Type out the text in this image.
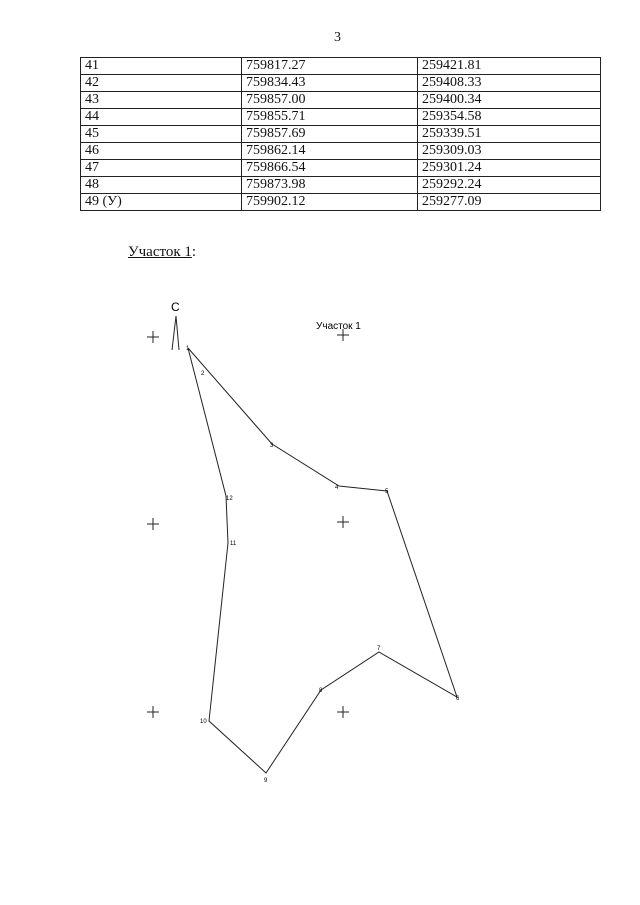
3
41	759817.27	259421.81
42	759834.43	259408.33
43	759857.00	259400.34
44	759855.71	259354.58
45	759857.69	259339.51
46	759862.14	259309.03
47	759866.54	259301.24
48	759873.98	259292.24
49 (У)	759902.12	259277.09
Участок 1:
С
Участок 1
1
2
3
4
5
6
7
8
9
10
11
12
